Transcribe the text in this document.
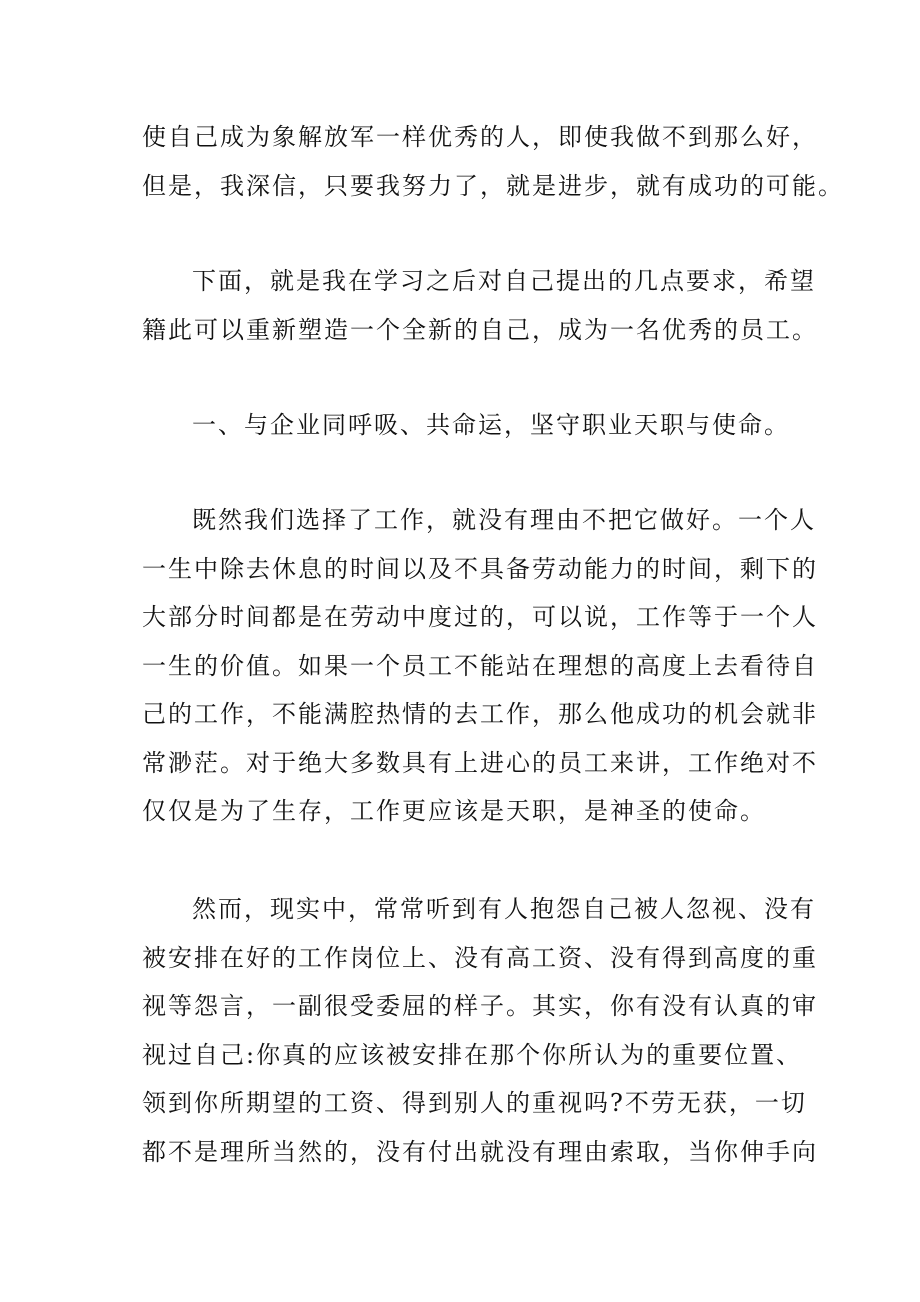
使自己成为象解放军一样优秀的人，即使我做不到那么好，
但是，我深信，只要我努力了，就是进步，就有成功的可能。

下面，就是我在学习之后对自己提出的几点要求，希望
籍此可以重新塑造一个全新的自己，成为一名优秀的员工。

一、与企业同呼吸、共命运，坚守职业天职与使命。

既然我们选择了工作，就没有理由不把它做好。一个人
一生中除去休息的时间以及不具备劳动能力的时间，剩下的
大部分时间都是在劳动中度过的，可以说，工作等于一个人
一生的价值。如果一个员工不能站在理想的高度上去看待自
己的工作，不能满腔热情的去工作，那么他成功的机会就非
常渺茫。对于绝大多数具有上进心的员工来讲，工作绝对不
仅仅是为了生存，工作更应该是天职，是神圣的使命。

然而，现实中，常常听到有人抱怨自己被人忽视、没有
被安排在好的工作岗位上、没有高工资、没有得到高度的重
视等怨言，一副很受委屈的样子。其实，你有没有认真的审
视过自己:你真的应该被安排在那个你所认为的重要位置、
领到你所期望的工资、得到别人的重视吗?不劳无获，一切
都不是理所当然的，没有付出就没有理由索取，当你伸手向
